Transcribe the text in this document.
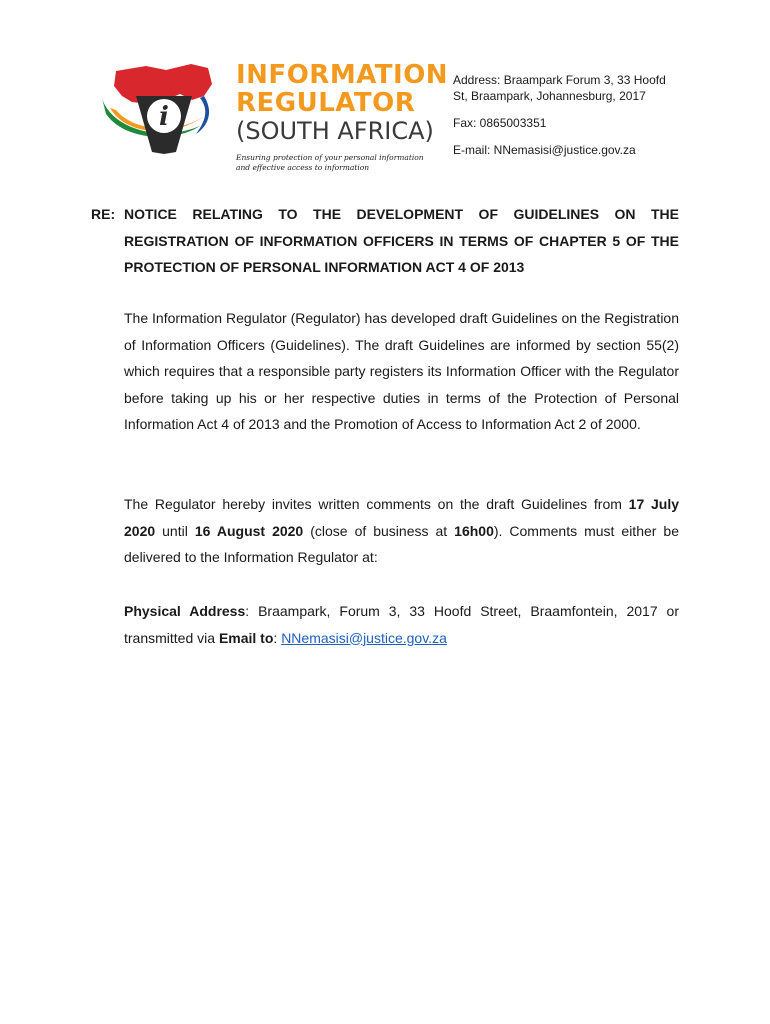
i
INFORMATION
REGULATOR
(SOUTH AFRICA)
Ensuring protection of your personal information
and effective access to information

Address: Braampark Forum 3, 33 Hoofd
St, Braampark, Johannesburg, 2017

Fax: 0865003351

E-mail: NNemasisi@justice.gov.za

RE: NOTICE RELATING TO THE DEVELOPMENT OF GUIDELINES ON THE REGISTRATION OF INFORMATION OFFICERS IN TERMS OF CHAPTER 5 OF THE PROTECTION OF PERSONAL INFORMATION ACT 4 OF 2013

The Information Regulator (Regulator) has developed draft Guidelines on the Registration of Information Officers (Guidelines). The draft Guidelines are informed by section 55(2) which requires that a responsible party registers its Information Officer with the Regulator before taking up his or her respective duties in terms of the Protection of Personal Information Act 4 of 2013 and the Promotion of Access to Information Act 2 of 2000.

The Regulator hereby invites written comments on the draft Guidelines from 17 July 2020 until 16 August 2020 (close of business at 16h00). Comments must either be delivered to the Information Regulator at:

Physical Address: Braampark, Forum 3, 33 Hoofd Street, Braamfontein, 2017 or transmitted via Email to: NNemasisi@justice.gov.za
